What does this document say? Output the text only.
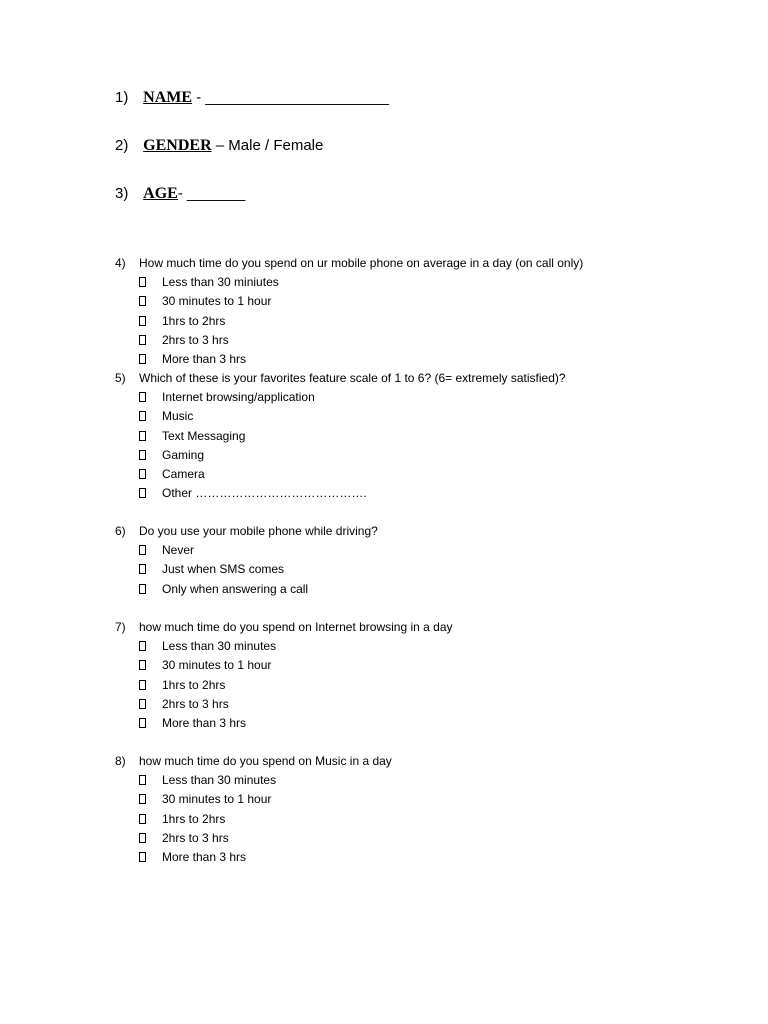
1) NAME - ______________________
2) GENDER – Male / Female
3) AGE- _______
4) How much time do you spend on ur mobile phone on average in a day (on call only)
Less than 30 miniutes
30 minutes to 1 hour
1hrs to 2hrs
2hrs to 3 hrs
More than 3 hrs
5) Which of these is your favorites feature scale of 1 to 6? (6= extremely satisfied)?
Internet browsing/application
Music
Text Messaging
Gaming
Camera
Other …………………………………….
6) Do you use your mobile phone while driving?
Never
Just when SMS comes
Only when answering a call
7) how much time do you spend on Internet browsing in a day
Less than 30 minutes
30 minutes to 1 hour
1hrs to 2hrs
2hrs to 3 hrs
More than 3 hrs
8) how much time do you spend on Music in a day
Less than 30 minutes
30 minutes to 1 hour
1hrs to 2hrs
2hrs to 3 hrs
More than 3 hrs
